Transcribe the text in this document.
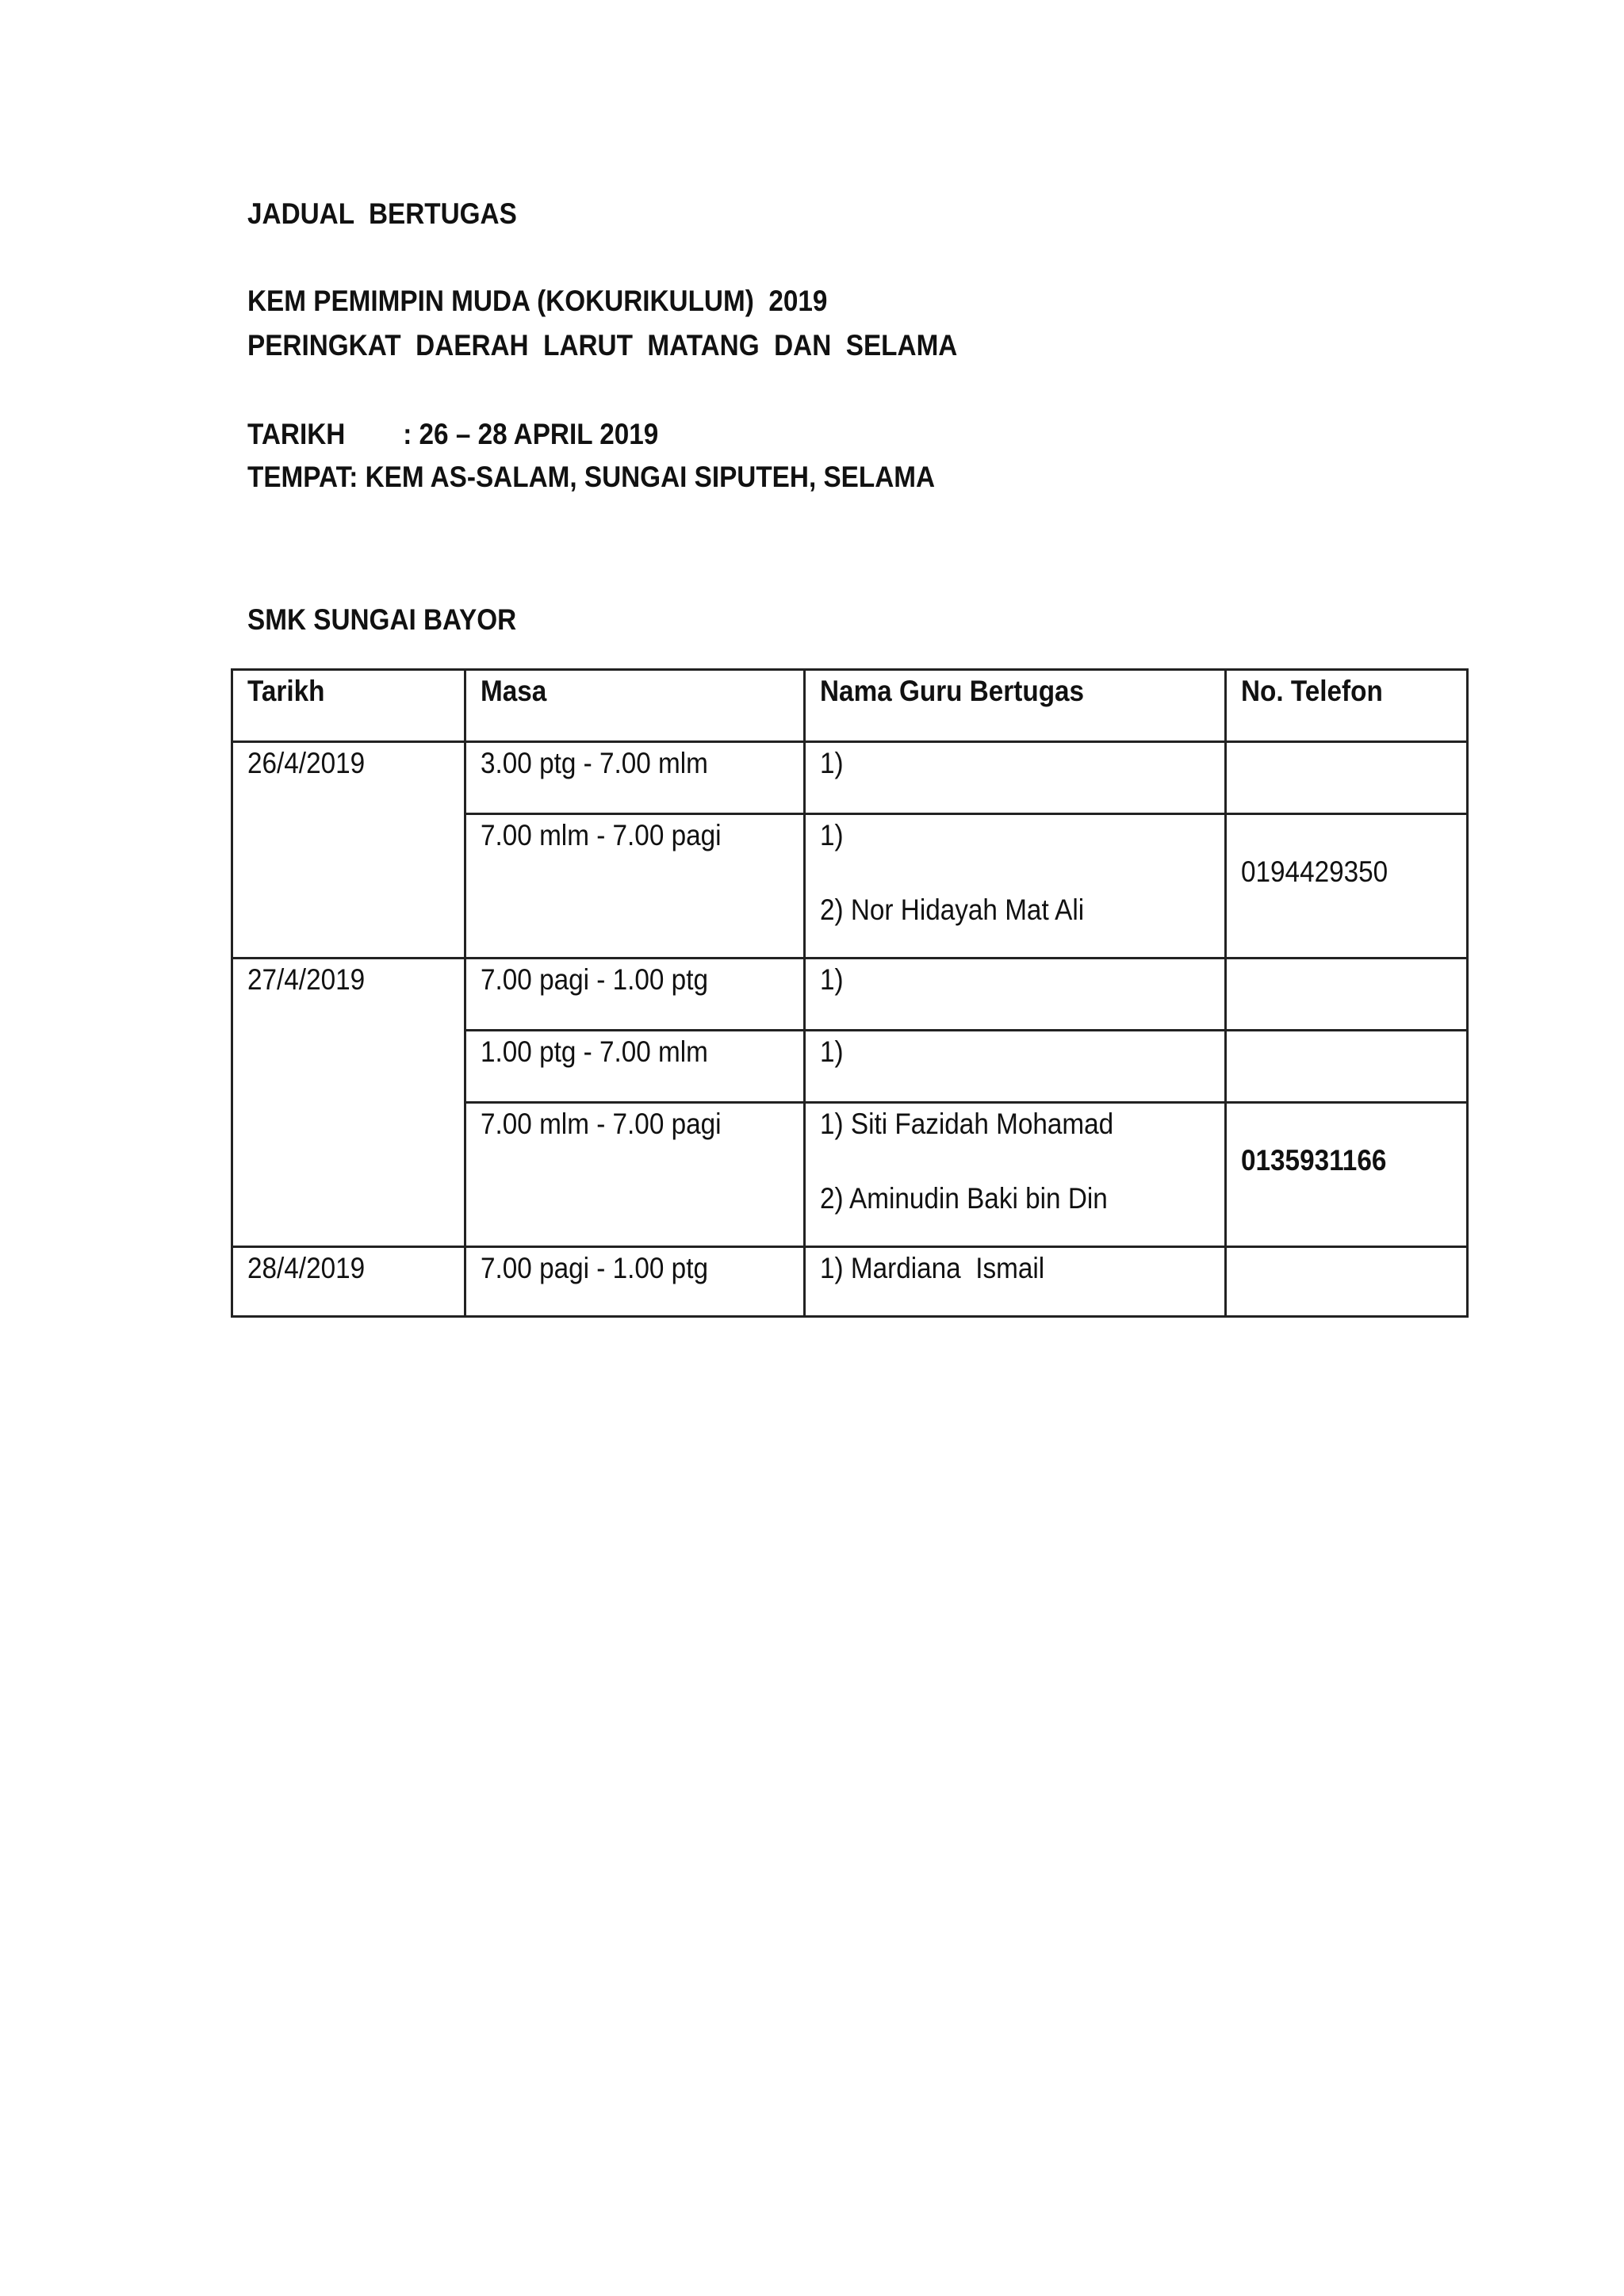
JADUAL  BERTUGAS
KEM PEMIMPIN MUDA (KOKURIKULUM)  2019
PERINGKAT  DAERAH  LARUT  MATANG  DAN  SELAMA
TARIKH : 26 – 28 APRIL 2019
TEMPAT: KEM AS-SALAM, SUNGAI SIPUTEH, SELAMA
SMK SUNGAI BAYOR
Tarikh	Masa	Nama Guru Bertugas	No. Telefon
26/4/2019	3.00 ptg - 7.00 mlm	1)	
	7.00 mlm - 7.00 pagi	1)
2) Nor Hidayah Mat Ali	0194429350
27/4/2019	7.00 pagi - 1.00 ptg	1)	
	1.00 ptg - 7.00 mlm	1)	
	7.00 mlm - 7.00 pagi	1) Siti Fazidah Mohamad
2) Aminudin Baki bin Din	0135931166
28/4/2019	7.00 pagi - 1.00 ptg	1) Mardiana  Ismail	
